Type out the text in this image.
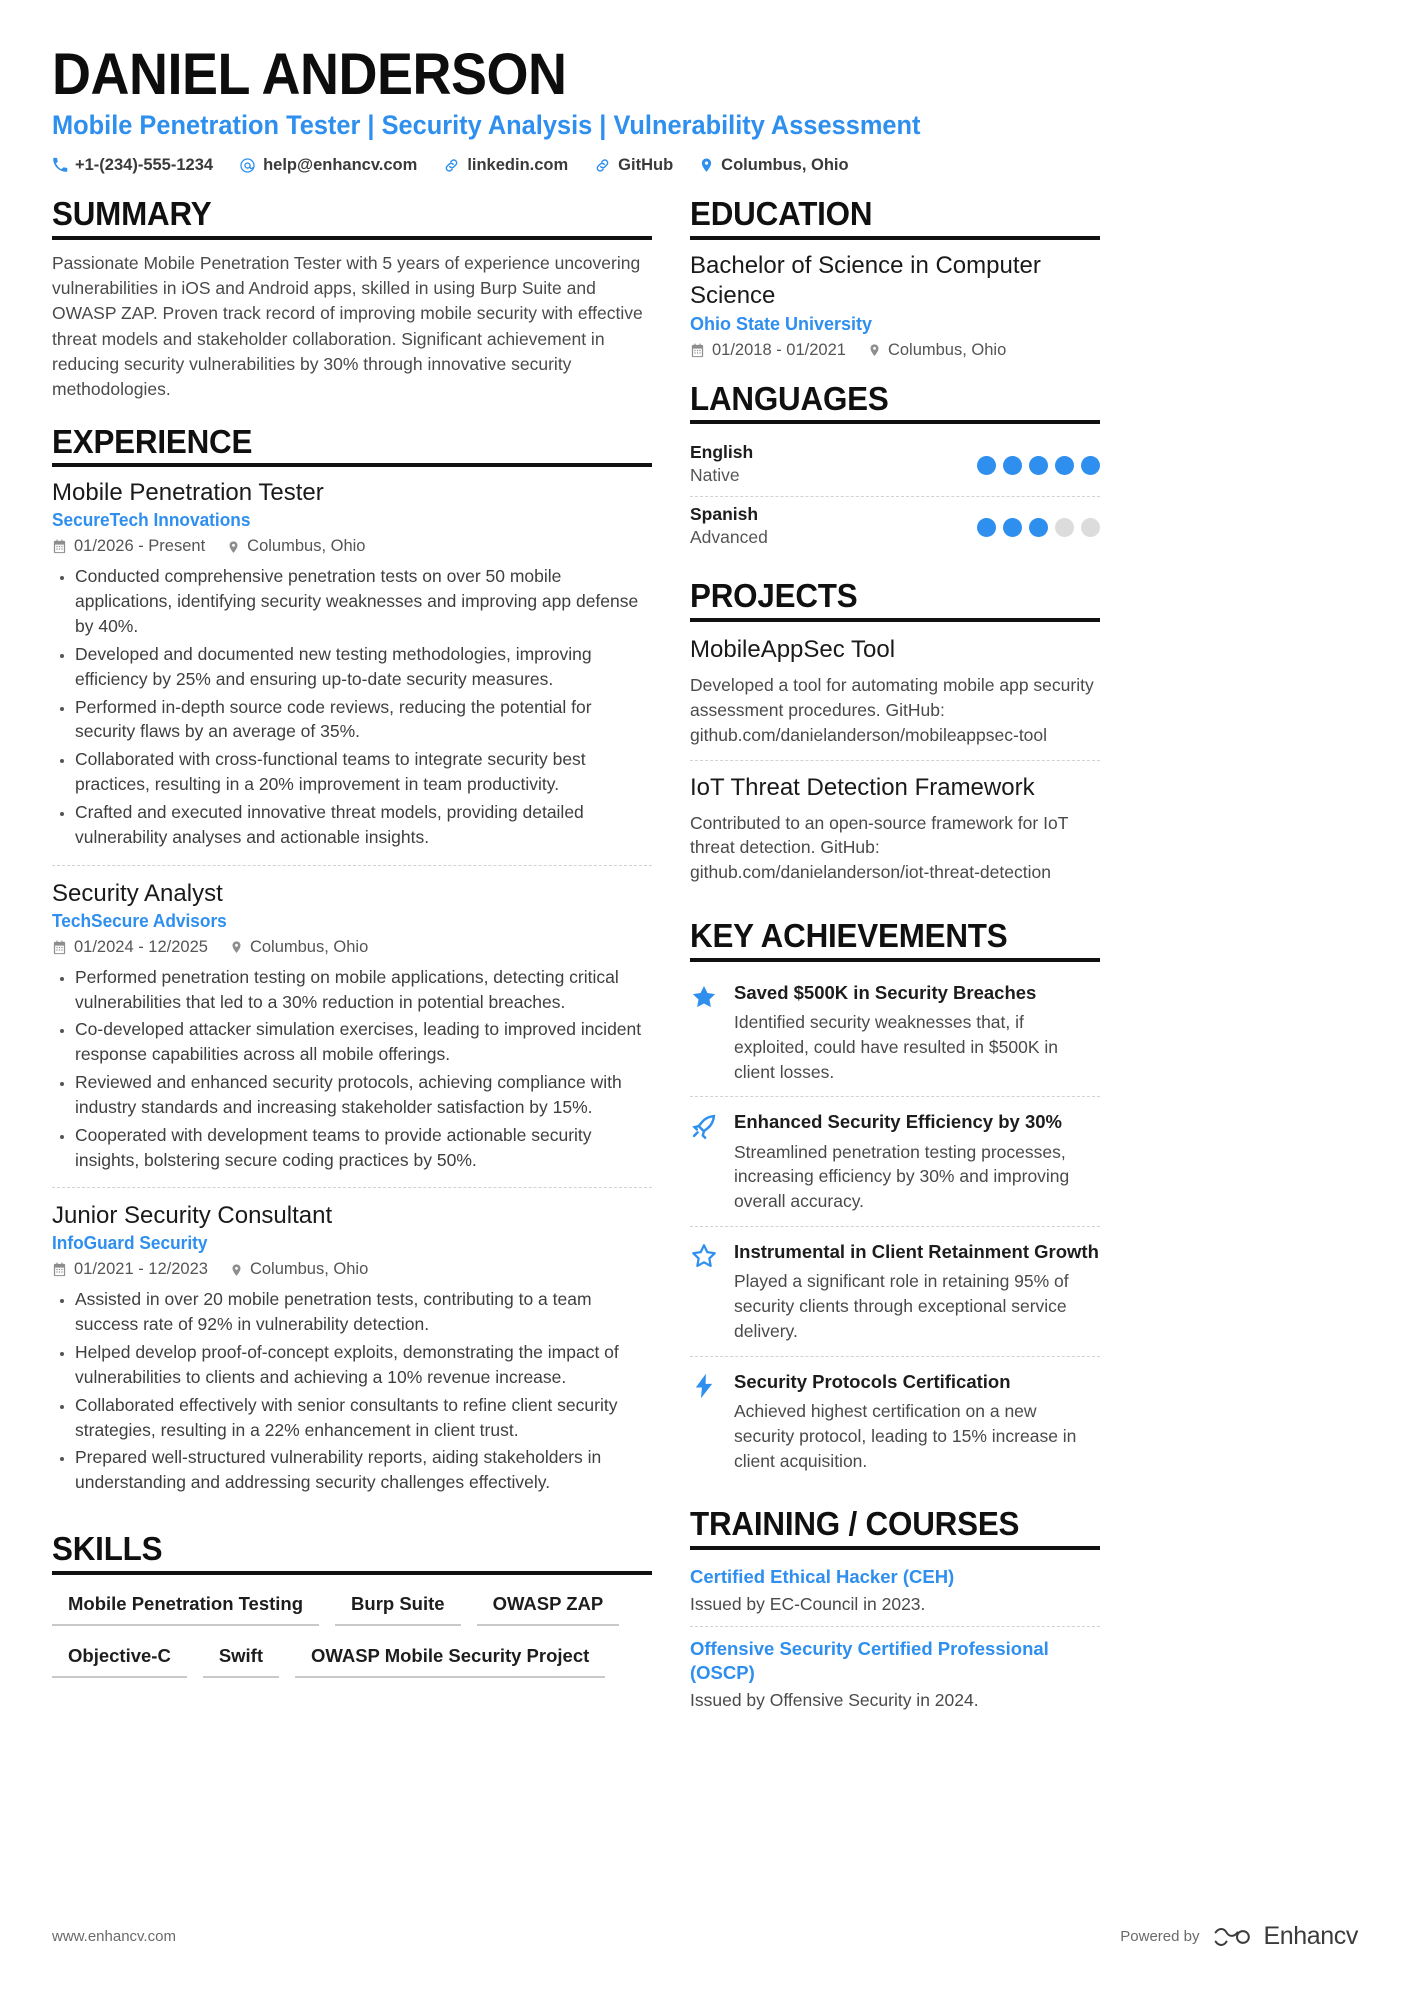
DANIEL ANDERSON
Mobile Penetration Tester | Security Analysis | Vulnerability Assessment
+1-(234)-555-1234	help@enhancv.com	linkedin.com	GitHub	Columbus, Ohio
SUMMARY
Passionate Mobile Penetration Tester with 5 years of experience uncovering vulnerabilities in iOS and Android apps, skilled in using Burp Suite and OWASP ZAP. Proven track record of improving mobile security with effective threat models and stakeholder collaboration. Significant achievement in reducing security vulnerabilities by 30% through innovative security methodologies.
EXPERIENCE
Mobile Penetration Tester
SecureTech Innovations
01/2026 - Present	Columbus, Ohio
• Conducted comprehensive penetration tests on over 50 mobile applications, identifying security weaknesses and improving app defense by 40%.
• Developed and documented new testing methodologies, improving efficiency by 25% and ensuring up-to-date security measures.
• Performed in-depth source code reviews, reducing the potential for security flaws by an average of 35%.
• Collaborated with cross-functional teams to integrate security best practices, resulting in a 20% improvement in team productivity.
• Crafted and executed innovative threat models, providing detailed vulnerability analyses and actionable insights.
Security Analyst
TechSecure Advisors
01/2024 - 12/2025	Columbus, Ohio
• Performed penetration testing on mobile applications, detecting critical vulnerabilities that led to a 30% reduction in potential breaches.
• Co-developed attacker simulation exercises, leading to improved incident response capabilities across all mobile offerings.
• Reviewed and enhanced security protocols, achieving compliance with industry standards and increasing stakeholder satisfaction by 15%.
• Cooperated with development teams to provide actionable security insights, bolstering secure coding practices by 50%.
Junior Security Consultant
InfoGuard Security
01/2021 - 12/2023	Columbus, Ohio
• Assisted in over 20 mobile penetration tests, contributing to a team success rate of 92% in vulnerability detection.
• Helped develop proof-of-concept exploits, demonstrating the impact of vulnerabilities to clients and achieving a 10% revenue increase.
• Collaborated effectively with senior consultants to refine client security strategies, resulting in a 22% enhancement in client trust.
• Prepared well-structured vulnerability reports, aiding stakeholders in understanding and addressing security challenges effectively.
SKILLS
Mobile Penetration Testing	Burp Suite	OWASP ZAP
Objective-C	Swift	OWASP Mobile Security Project
EDUCATION
Bachelor of Science in Computer Science
Ohio State University
01/2018 - 01/2021	Columbus, Ohio
LANGUAGES
English
Native
Spanish
Advanced
PROJECTS
MobileAppSec Tool
Developed a tool for automating mobile app security assessment procedures. GitHub: github.com/danielanderson/mobileappsec-tool
IoT Threat Detection Framework
Contributed to an open-source framework for IoT threat detection. GitHub: github.com/danielanderson/iot-threat-detection
KEY ACHIEVEMENTS
Saved $500K in Security Breaches
Identified security weaknesses that, if exploited, could have resulted in $500K in client losses.
Enhanced Security Efficiency by 30%
Streamlined penetration testing processes, increasing efficiency by 30% and improving overall accuracy.
Instrumental in Client Retainment Growth
Played a significant role in retaining 95% of security clients through exceptional service delivery.
Security Protocols Certification
Achieved highest certification on a new security protocol, leading to 15% increase in client acquisition.
TRAINING / COURSES
Certified Ethical Hacker (CEH)
Issued by EC-Council in 2023.
Offensive Security Certified Professional (OSCP)
Issued by Offensive Security in 2024.
www.enhancv.com	Powered by	Enhancv
